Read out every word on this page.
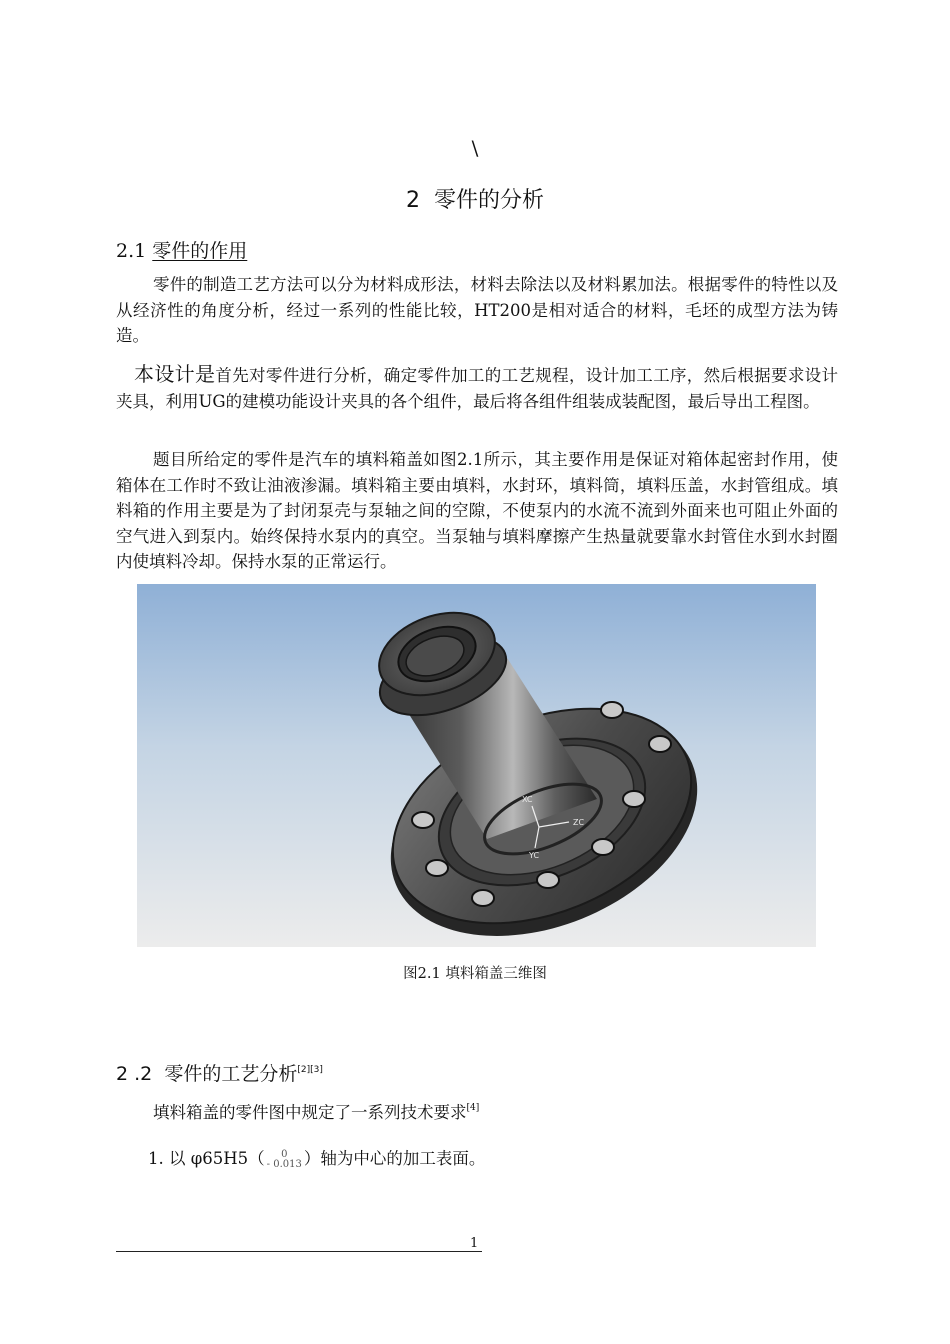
\
2 零件的分析
2.1 零件的作用

零件的制造工艺方法可以分为材料成形法，材料去除法以及材料累加法。根据零件的特性以及从经济性的角度分析，经过一系列的性能比较，HT200是相对适合的材料，毛坯的成型方法为铸造。

本设计是首先对零件进行分析，确定零件加工的工艺规程，设计加工工序，然后根据要求设计夹具，利用UG的建模功能设计夹具的各个组件，最后将各组件组装成装配图，最后导出工程图。

题目所给定的零件是汽车的填料箱盖如图2.1所示，其主要作用是保证对箱体起密封作用，使箱体在工作时不致让油液渗漏。填料箱主要由填料，水封环，填料筒，填料压盖，水封管组成。填料箱的作用主要是为了封闭泵壳与泵轴之间的空隙，不使泵内的水流不流到外面来也可阻止外面的空气进入到泵内。始终保持水泵内的真空。当泵轴与填料摩擦产生热量就要靠水封管住水到水封圈内使填料冷却。保持水泵的正常运行。

XC
ZC
YC
图2.1 填料箱盖三维图
2 .2 零件的工艺分析[2][3]

填料箱盖的零件图中规定了一系列技术要求[4]

1. 以 φ65H5（	0
- 0.013 ）轴为中心的加工表面。

1
